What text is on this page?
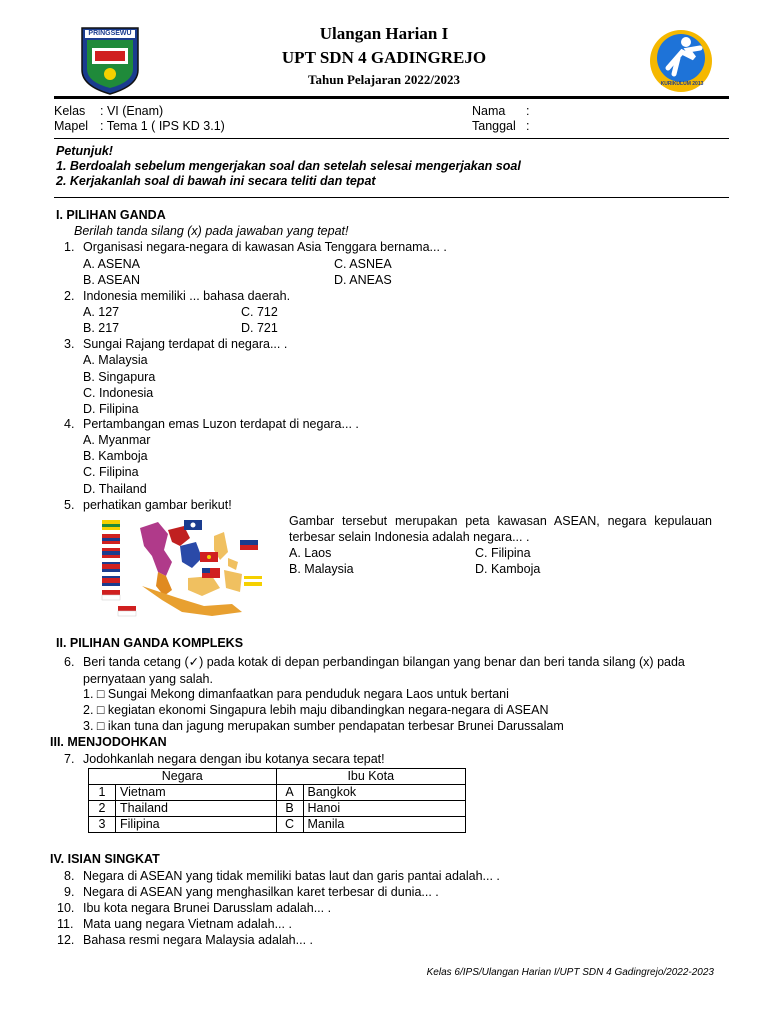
PRINGSEWU
KURIKULUM 2013
Ulangan Harian I
UPT SDN 4 GADINGREJO
Tahun Pelajaran 2022/2023
Kelas : VI (Enam)
Mapel : Tema 1 ( IPS KD 3.1)
Nama :
Tanggal :
Petunjuk!
1. Berdoalah sebelum mengerjakan soal dan setelah selesai mengerjakan soal
2. Kerjakanlah soal di bawah ini secara teliti dan tepat
I. PILIHAN GANDA
Berilah tanda silang (x) pada jawaban yang tepat!
1. Organisasi negara-negara di kawasan Asia Tenggara bernama... .
A. ASENA	C. ASNEA
B. ASEAN	D. ANEAS
2. Indonesia memiliki ... bahasa daerah.
A. 127	C. 712
B. 217	D. 721
3. Sungai Rajang terdapat di negara... .
A. Malaysia
B. Singapura
C. Indonesia
D. Filipina
4. Pertambangan emas Luzon terdapat di negara... .
A. Myanmar
B. Kamboja
C. Filipina
D. Thailand
5. perhatikan gambar berikut!
Gambar tersebut merupakan peta kawasan ASEAN, negara kepulauan terbesar selain Indonesia adalah negara... .
A. Laos	C. Filipina
B. Malaysia	D. Kamboja
II. PILIHAN GANDA KOMPLEKS
6. Beri tanda cetang (✓) pada kotak di depan perbandingan bilangan yang benar dan beri tanda silang (x) pada
pernyataan yang salah.
1. □ Sungai Mekong dimanfaatkan para penduduk negara Laos untuk bertani
2. □ kegiatan ekonomi Singapura lebih maju dibandingkan negara-negara di ASEAN
3. □ ikan tuna dan jagung merupakan sumber pendapatan terbesar Brunei Darussalam
III. MENJODOHKAN
7. Jodohkanlah negara dengan ibu kotanya secara tepat!
Negara		Ibu Kota	
1	Vietnam	A	Bangkok
2	Thailand	B	Hanoi
3	Filipina	C	Manila
IV. ISIAN SINGKAT
8. Negara di ASEAN yang tidak memiliki batas laut dan garis pantai adalah... .
9. Negara di ASEAN yang menghasilkan karet terbesar di dunia... .
10. Ibu kota negara Brunei Darusslam adalah... .
11. Mata uang negara Vietnam adalah... .
12. Bahasa resmi negara Malaysia adalah... .
Kelas 6/IPS/Ulangan Harian I/UPT SDN 4 Gadingrejo/2022-2023
